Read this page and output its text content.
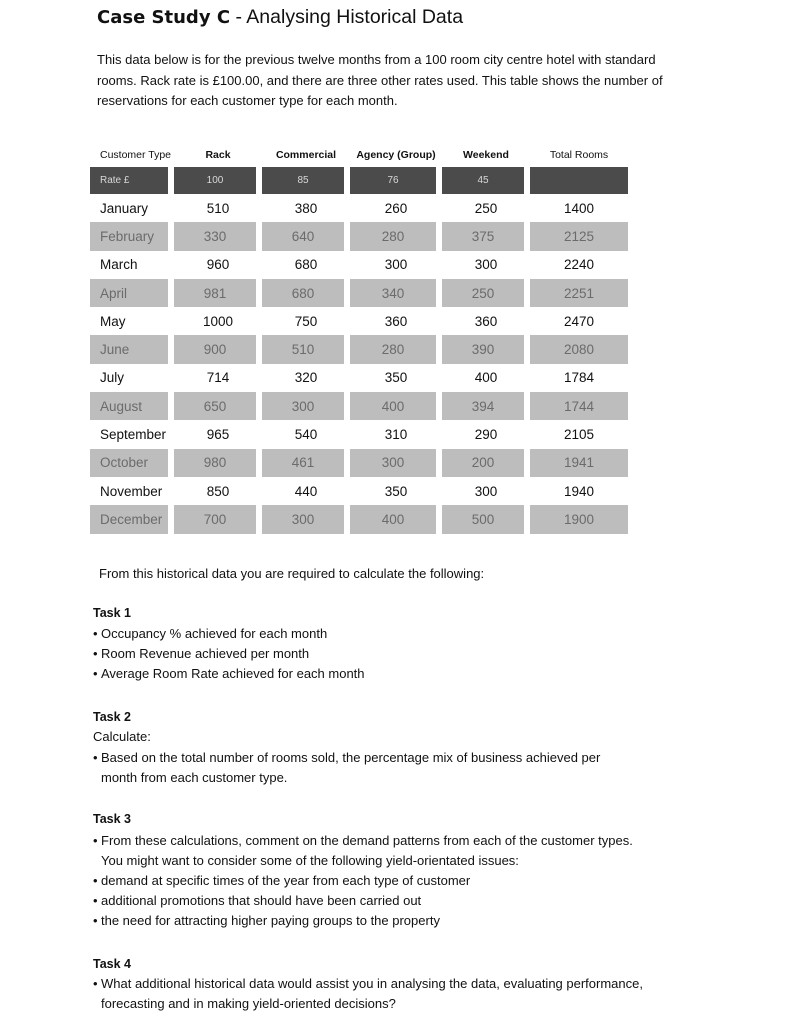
Case Study C - Analysing Historical Data
This data below is for the previous twelve months from a 100 room city centre hotel with standard rooms. Rack rate is £100.00, and there are three other rates used. This table shows the number of reservations for each customer type for each month.
Customer Type	Rack	Commercial	Agency (Group)	Weekend	Total Rooms
Rate £	100	85	76	45	
January	510	380	260	250	1400
February	330	640	280	375	2125
March	960	680	300	300	2240
April	981	680	340	250	2251
May	1000	750	360	360	2470
June	900	510	280	390	2080
July	714	320	350	400	1784
August	650	300	400	394	1744
September	965	540	310	290	2105
October	980	461	300	200	1941
November	850	440	350	300	1940
December	700	300	400	500	1900
From this historical data you are required to calculate the following:
Task 1
• Occupancy % achieved for each month
• Room Revenue achieved per month
• Average Room Rate achieved for each month
Task 2
Calculate:
• Based on the total number of rooms sold, the percentage mix of business achieved per
month from each customer type.
Task 3
• From these calculations, comment on the demand patterns from each of the customer types.
You might want to consider some of the following yield-orientated issues:
• demand at specific times of the year from each type of customer
• additional promotions that should have been carried out
• the need for attracting higher paying groups to the property
Task 4
• What additional historical data would assist you in analysing the data, evaluating performance,
forecasting and in making yield-oriented decisions?
